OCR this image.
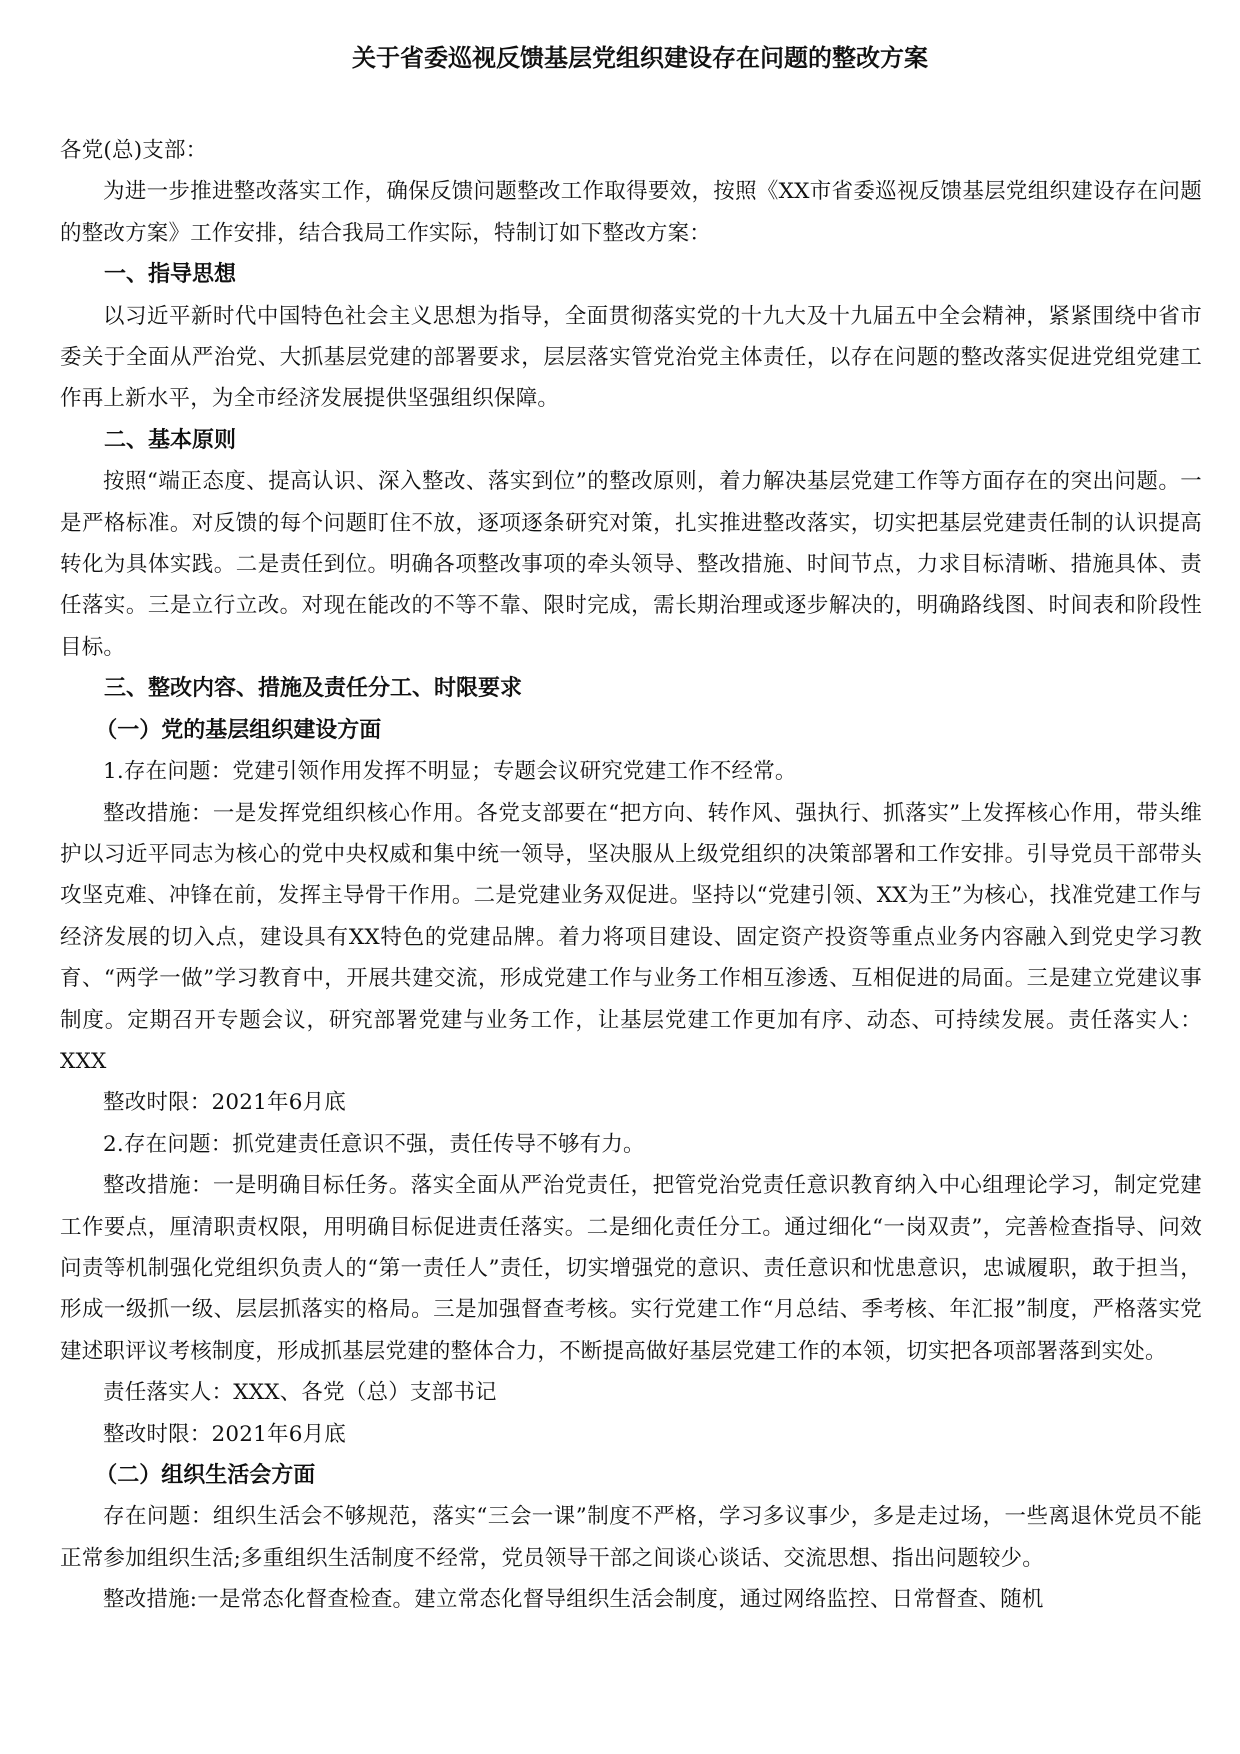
关于省委巡视反馈基层党组织建设存在问题的整改方案

各党(总)支部：

为进一步推进整改落实工作，确保反馈问题整改工作取得要效，按照《XX市省委巡视反馈基层党组织建设存在问题的整改方案》工作安排，结合我局工作实际，特制订如下整改方案：

一、指导思想

以习近平新时代中国特色社会主义思想为指导，全面贯彻落实党的十九大及十九届五中全会精神，紧紧围绕中省市委关于全面从严治党、大抓基层党建的部署要求，层层落实管党治党主体责任，以存在问题的整改落实促进党组党建工作再上新水平，为全市经济发展提供坚强组织保障。

二、基本原则

按照“端正态度、提高认识、深入整改、落实到位”的整改原则，着力解决基层党建工作等方面存在的突出问题。一是严格标准。对反馈的每个问题盯住不放，逐项逐条研究对策，扎实推进整改落实，切实把基层党建责任制的认识提高转化为具体实践。二是责任到位。明确各项整改事项的牵头领导、整改措施、时间节点，力求目标清晰、措施具体、责任落实。三是立行立改。对现在能改的不等不靠、限时完成，需长期治理或逐步解决的，明确路线图、时间表和阶段性目标。

三、整改内容、措施及责任分工、时限要求

（一）党的基层组织建设方面

1.存在问题：党建引领作用发挥不明显；专题会议研究党建工作不经常。

整改措施：一是发挥党组织核心作用。各党支部要在“把方向、转作风、强执行、抓落实”上发挥核心作用，带头维护以习近平同志为核心的党中央权威和集中统一领导，坚决服从上级党组织的决策部署和工作安排。引导党员干部带头攻坚克难、冲锋在前，发挥主导骨干作用。二是党建业务双促进。坚持以“党建引领、XX为王”为核心，找准党建工作与经济发展的切入点，建设具有XX特色的党建品牌。着力将项目建设、固定资产投资等重点业务内容融入到党史学习教育、“两学一做”学习教育中，开展共建交流，形成党建工作与业务工作相互渗透、互相促进的局面。三是建立党建议事制度。定期召开专题会议，研究部署党建与业务工作，让基层党建工作更加有序、动态、可持续发展。责任落实人：XXX

整改时限：2021年6月底

2.存在问题：抓党建责任意识不强，责任传导不够有力。

整改措施：一是明确目标任务。落实全面从严治党责任，把管党治党责任意识教育纳入中心组理论学习，制定党建工作要点，厘清职责权限，用明确目标促进责任落实。二是细化责任分工。通过细化“一岗双责”，完善检查指导、问效问责等机制强化党组织负责人的“第一责任人”责任，切实增强党的意识、责任意识和忧患意识，忠诚履职，敢于担当，形成一级抓一级、层层抓落实的格局。三是加强督查考核。实行党建工作“月总结、季考核、年汇报”制度，严格落实党建述职评议考核制度，形成抓基层党建的整体合力，不断提高做好基层党建工作的本领，切实把各项部署落到实处。

责任落实人：XXX、各党（总）支部书记

整改时限：2021年6月底

（二）组织生活会方面

存在问题：组织生活会不够规范，落实“三会一课”制度不严格，学习多议事少，多是走过场，一些离退休党员不能正常参加组织生活;多重组织生活制度不经常，党员领导干部之间谈心谈话、交流思想、指出问题较少。

整改措施:一是常态化督查检查。建立常态化督导组织生活会制度，通过网络监控、日常督查、随机
